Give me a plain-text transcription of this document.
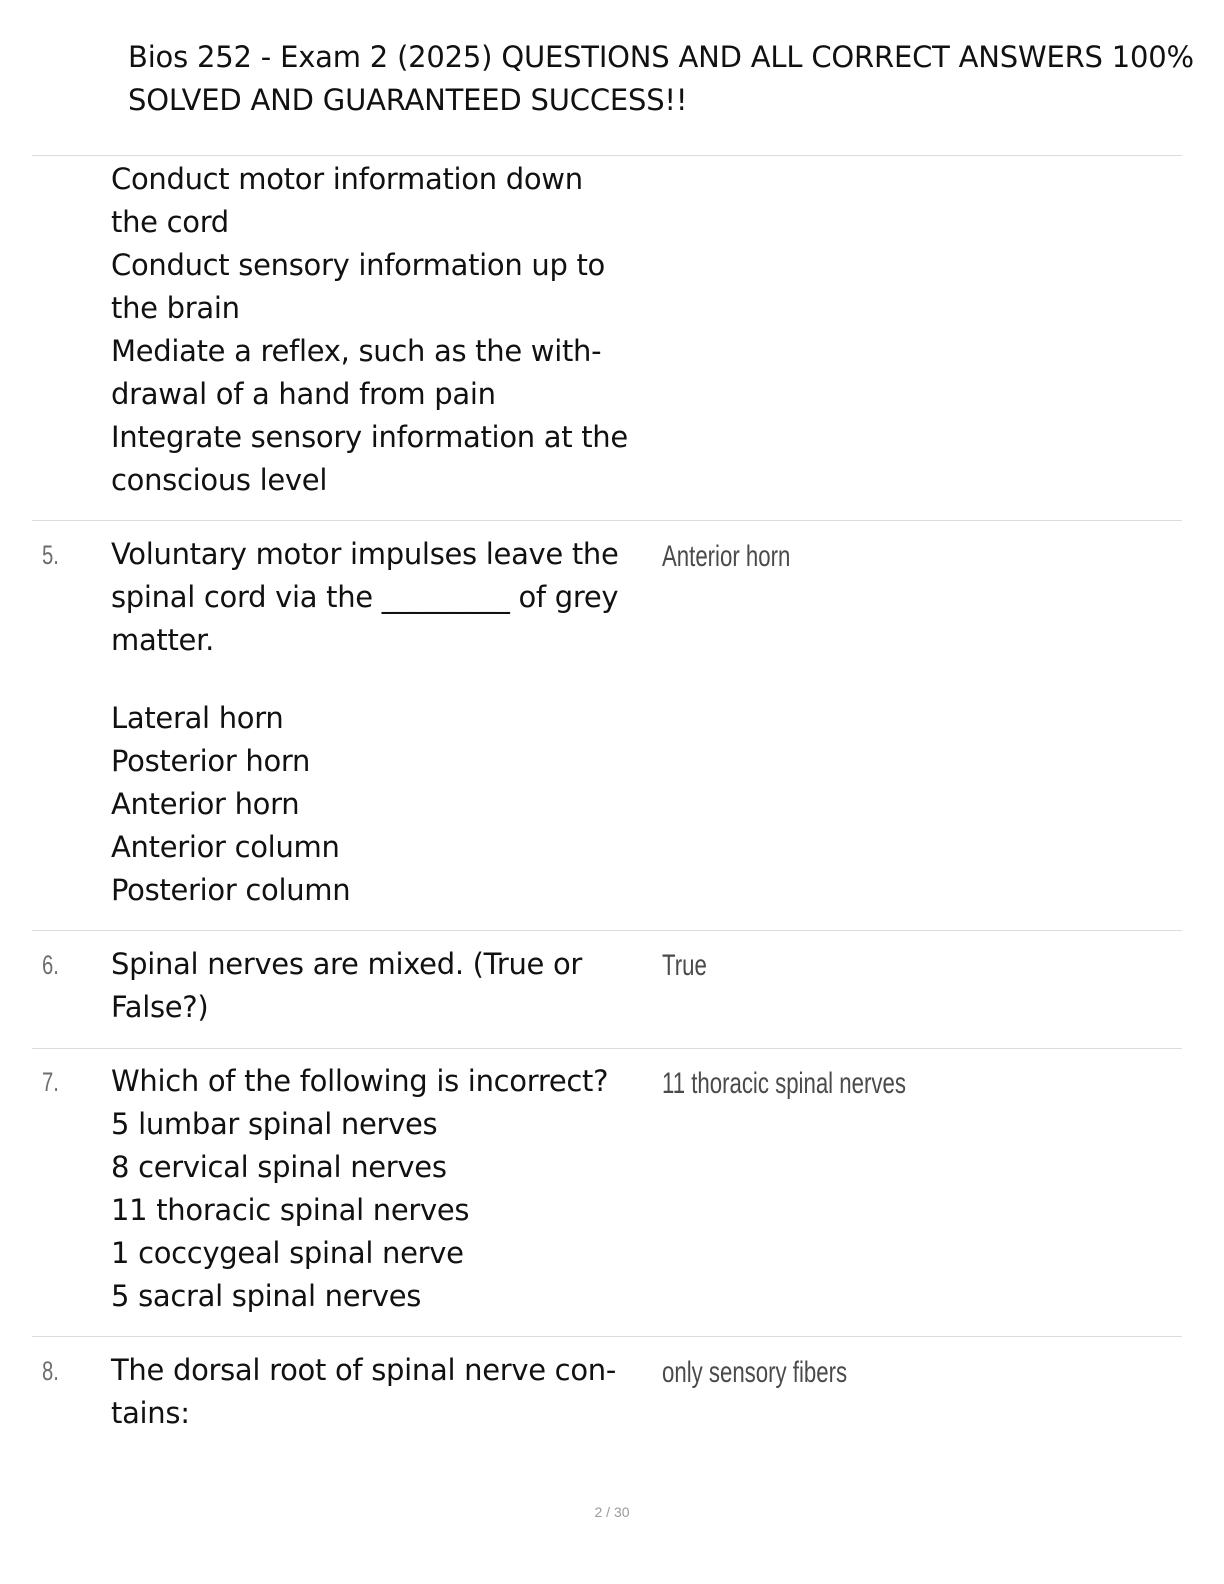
Bios 252 - Exam 2 (2025) QUESTIONS AND ALL CORRECT ANSWERS 100%
SOLVED AND GUARANTEED SUCCESS!!
Conduct motor information down
the cord
Conduct sensory information up to
the brain
Mediate a reflex, such as the with-
drawal of a hand from pain
Integrate sensory information at the
conscious level
5. Voluntary motor impulses leave the
spinal cord via the _________ of grey
matter.
Lateral horn
Posterior horn
Anterior horn
Anterior column
Posterior column
Anterior horn
6. Spinal nerves are mixed. (True or
False?)
True
7. Which of the following is incorrect?
5 lumbar spinal nerves
8 cervical spinal nerves
11 thoracic spinal nerves
1 coccygeal spinal nerve
5 sacral spinal nerves
11 thoracic spinal nerves
8. The dorsal root of spinal nerve con-
tains:
only sensory fibers
2 / 30
